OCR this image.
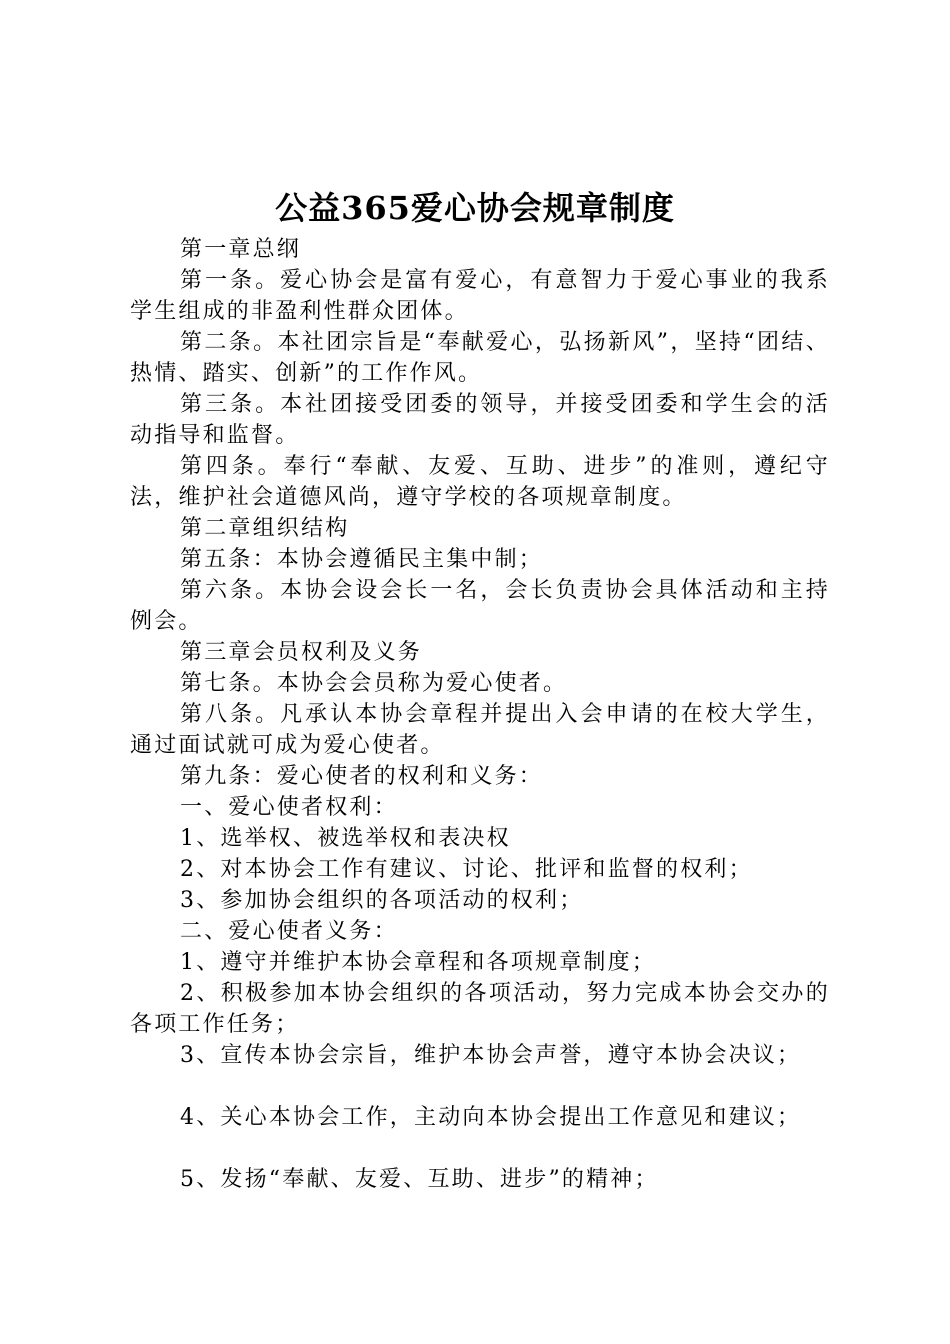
公益365爱心协会规章制度

第一章总纲

第一条。爱心协会是富有爱心，有意智力于爱心事业的我系学生组成的非盈利性群众团体。

第二条。本社团宗旨是“奉献爱心，弘扬新风”，坚持“团结、热情、踏实、创新”的工作作风。

第三条。本社团接受团委的领导，并接受团委和学生会的活动指导和监督。

第四条。奉行“奉献、友爱、互助、进步”的准则，遵纪守法，维护社会道德风尚，遵守学校的各项规章制度。

第二章组织结构

第五条：本协会遵循民主集中制；

第六条。本协会设会长一名，会长负责协会具体活动和主持例会。

第三章会员权利及义务

第七条。本协会会员称为爱心使者。

第八条。凡承认本协会章程并提出入会申请的在校大学生，通过面试就可成为爱心使者。

第九条：爱心使者的权利和义务：

一、爱心使者权利：

1、选举权、被选举权和表决权

2、对本协会工作有建议、讨论、批评和监督的权利；

3、参加协会组织的各项活动的权利；

二、爱心使者义务：

1、遵守并维护本协会章程和各项规章制度；

2、积极参加本协会组织的各项活动，努力完成本协会交办的各项工作任务；

3、宣传本协会宗旨，维护本协会声誉，遵守本协会决议；

4、关心本协会工作，主动向本协会提出工作意见和建议；

5、发扬“奉献、友爱、互助、进步”的精神；
